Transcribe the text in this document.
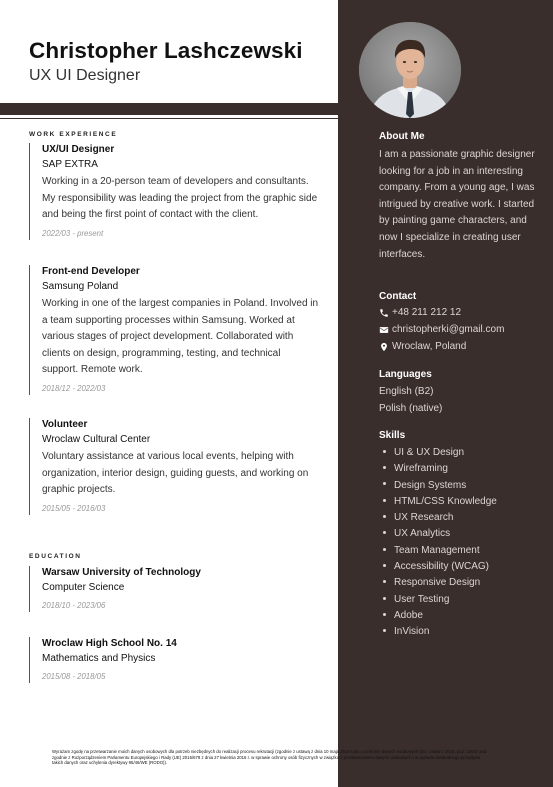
Christopher Lashczewski
UX UI Designer
WORK EXPERIENCE
UX/UI Designer
SAP EXTRA
Working in a 20-person team of developers and consultants. My responsibility was leading the project from the graphic side and being the first point of contact with the client.
2022/03 - present
Front-end Developer
Samsung Poland
Working in one of the largest companies in Poland. Involved in a team supporting processes within Samsung. Worked at various stages of project development. Collaborated with clients on design, programming, testing, and technical support. Remote work.
2018/12 - 2022/03
Volunteer
Wroclaw Cultural Center
Voluntary assistance at various local events, helping with organization, interior design, guiding guests, and working on graphic projects.
2015/05 - 2016/03
EDUCATION
Warsaw University of Technology
Computer Science
2018/10 - 2023/06
Wroclaw High School No. 14
Mathematics and Physics
2015/08 - 2018/05
About Me

I am a passionate graphic designer looking for a job in an interesting company. From a young age, I was intrigued by creative work. I started by painting game characters, and now I specialize in creating user interfaces.

Contact
+48 211 212 12
christopherki@gmail.com
Wroclaw, Poland
Languages

English (B2)

Polish (native)

Skills
UI & UX Design
Wireframing
Design Systems
HTML/CSS Knowledge
UX Research
UX Analytics
Team Management
Accessibility (WCAG)
Responsive Design
User Testing
Adobe
InVision
Wyrażam zgodę na przetwarzanie moich danych osobowych dla potrzeb niezbędnych do realizacji procesu rekrutacji (zgodnie z ustawą z dnia 10 maja 2018 roku o ochronie danych osobowych (Dz. Ustaw z 2018, poz. 1000) oraz zgodnie z Rozporządzeniem Parlamentu Europejskiego i Rady (UE) 2016/679 z dnia 27 kwietnia 2016 r. w sprawie ochrony osób fizycznych w związku z przetwarzaniem danych osobowych i w sprawie swobodnego przepływu takich danych oraz uchylenia dyrektywy 95/46/WE (RODO)).
